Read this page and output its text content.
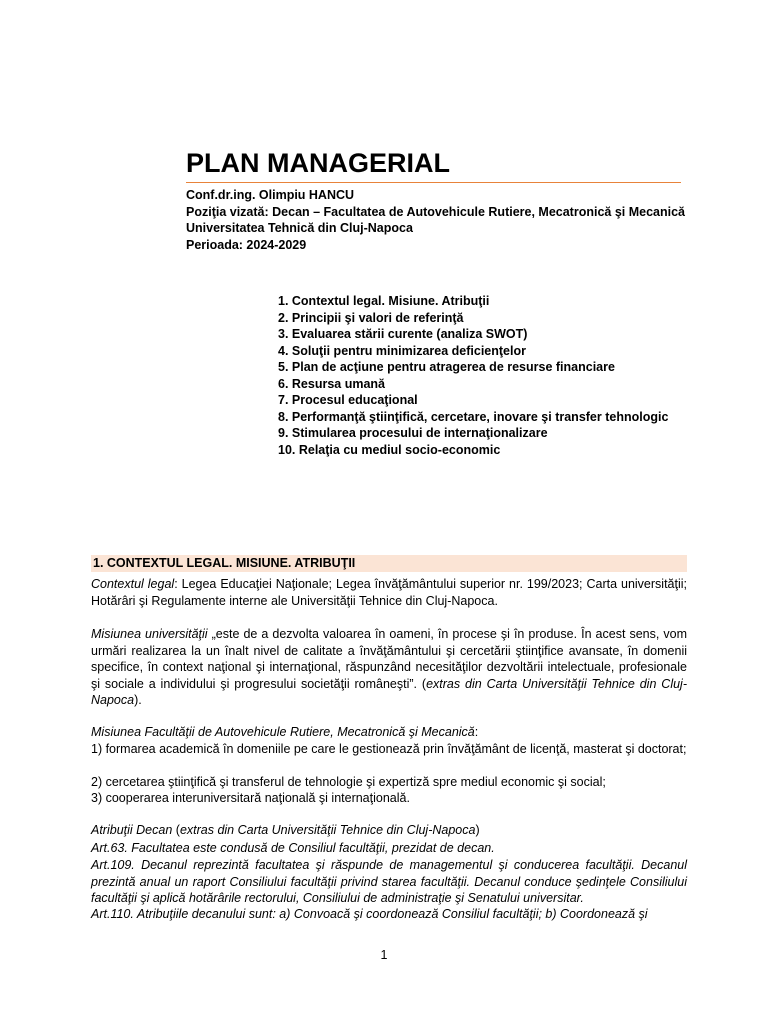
PLAN MANAGERIAL
Conf.dr.ing. Olimpiu HANCU
Poziţia vizată: Decan – Facultatea de Autovehicule Rutiere, Mecatronică şi Mecanică
Universitatea Tehnică din Cluj-Napoca
Perioada: 2024-2029
1. Contextul legal. Misiune. Atribuţii
2. Principii şi valori de referinţă
3. Evaluarea stării curente (analiza SWOT)
4. Soluţii pentru minimizarea deficienţelor
5. Plan de acţiune pentru atragerea de resurse financiare
6. Resursa umană
7. Procesul educaţional
8. Performanţă ştiinţifică, cercetare, inovare şi transfer tehnologic
9. Stimularea procesului de internaţionalizare
10. Relaţia cu mediul socio-economic
1. CONTEXTUL LEGAL. MISIUNE. ATRIBUŢII

Contextul legal: Legea Educaţiei Naţionale; Legea învăţământului superior nr. 199/2023; Carta universităţii; Hotărâri şi Regulamente interne ale Universităţii Tehnice din Cluj-Napoca.

Misiunea universităţii „este de a dezvolta valoarea în oameni, în procese şi în produse. În acest sens, vom urmări realizarea la un înalt nivel de calitate a învăţământului şi cercetării ştiinţifice avansate, în domenii specifice, în context naţional şi internaţional, răspunzând necesităţilor dezvoltării intelectuale, profesionale şi sociale a individului şi progresului societăţii româneşti”. (extras din Carta Universităţii Tehnice din Cluj-Napoca).

Misiunea Facultăţii de Autovehicule Rutiere, Mecatronică şi Mecanică:

1) formarea academică în domeniile pe care le gestionează prin învăţământ de licenţă, masterat şi doctorat;

2) cercetarea ştiinţifică şi transferul de tehnologie şi expertiză spre mediul economic şi social;

3) cooperarea interuniversitară naţională şi internaţională.

Atribuţii Decan (extras din Carta Universităţii Tehnice din Cluj-Napoca)

Art.63. Facultatea este condusă de Consiliul facultăţii, prezidat de decan.

Art.109. Decanul reprezintă facultatea şi răspunde de managementul şi conducerea facultăţii. Decanul prezintă anual un raport Consiliului facultăţii privind starea facultăţii. Decanul conduce şedinţele Consiliului facultăţii şi aplică hotărârile rectorului, Consiliului de administraţie şi Senatului universitar.

Art.110. Atribuţiile decanului sunt: a) Convoacă şi coordonează Consiliul facultăţii; b) Coordonează şi

1
